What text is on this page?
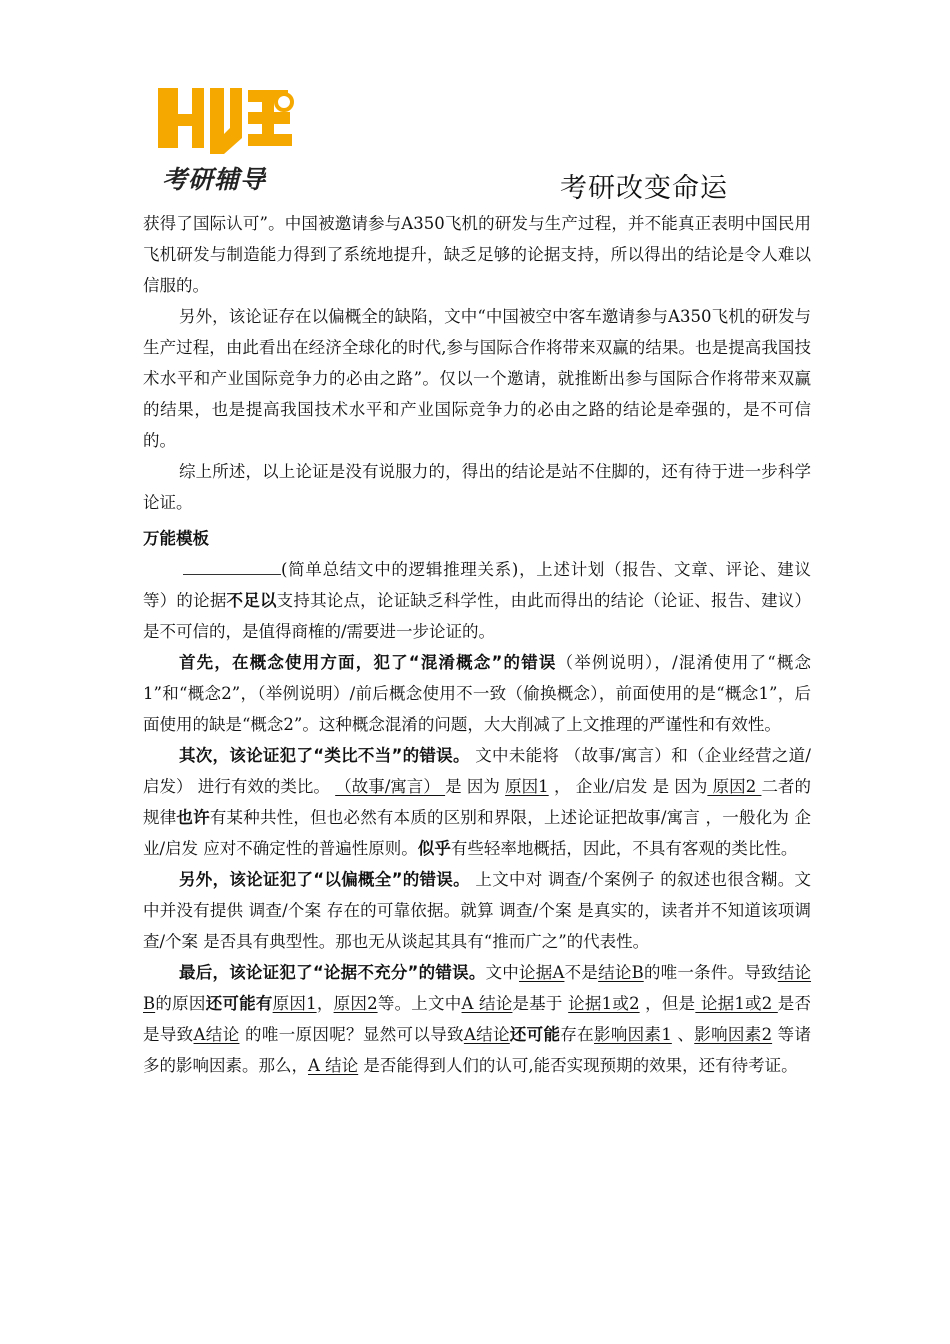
考研辅导	考研改变命运

获得了国际认可”。中国被邀请参与A350飞机的研发与生产过程，并不能真正表明中国民用飞机研发与制造能力得到了系统地提升，缺乏足够的论据支持，所以得出的结论是令人难以信服的。

另外，该论证存在以偏概全的缺陷，文中“中国被空中客车邀请参与A350飞机的研发与生产过程，由此看出在经济全球化的时代,参与国际合作将带来双赢的结果。也是提高我国技术水平和产业国际竞争力的必由之路”。仅以一个邀请，就推断出参与国际合作将带来双赢的结果，也是提高我国技术水平和产业国际竞争力的必由之路的结论是牵强的，是不可信的。

综上所述，以上论证是没有说服力的，得出的结论是站不住脚的，还有待于进一步科学论证。

万能模板

(简单总结文中的逻辑推理关系)，上述计划（报告、文章、评论、建议等）的论据不足以支持其论点，论证缺乏科学性，由此而得出的结论（论证、报告、建议）是不可信的，是值得商榷的/需要进一步论证的。

首先，在概念使用方面，犯了“混淆概念”的错误（举例说明），/混淆使用了“概念1”和“概念2”，（举例说明）/前后概念使用不一致（偷换概念），前面使用的是“概念1”，后面使用的缺是“概念2”。这种概念混淆的问题，大大削减了上文推理的严谨性和有效性。

其次，该论证犯了“类比不当”的错误。 文中未能将 （故事/寓言）和（企业经营之道/启发） 进行有效的类比。 （故事/寓言） 是 因为 原因1 ， 企业/启发 是 因为 原因2 二者的规律也许有某种共性，但也必然有本质的区别和界限，上述论证把故事/寓言 ，一般化为 企业/启发 应对不确定性的普遍性原则。似乎有些轻率地概括，因此，不具有客观的类比性。

另外，该论证犯了“以偏概全”的错误。 上文中对 调查/个案例子 的叙述也很含糊。文中并没有提供 调查/个案 存在的可靠依据。就算 调查/个案 是真实的，读者并不知道该项调查/个案 是否具有典型性。那也无从谈起其具有“推而广之”的代表性。

最后，该论证犯了“论据不充分”的错误。文中论据A不是结论B的唯一条件。导致结论B的原因还可能有原因1，原因2等。上文中A 结论是基于 论据1或2 ，但是 论据1或2 是否是导致A结论 的唯一原因呢？显然可以导致A结论还可能存在影响因素1 、影响因素2 等诸多的影响因素。那么，A 结论 是否能得到人们的认可,能否实现预期的效果，还有待考证。
